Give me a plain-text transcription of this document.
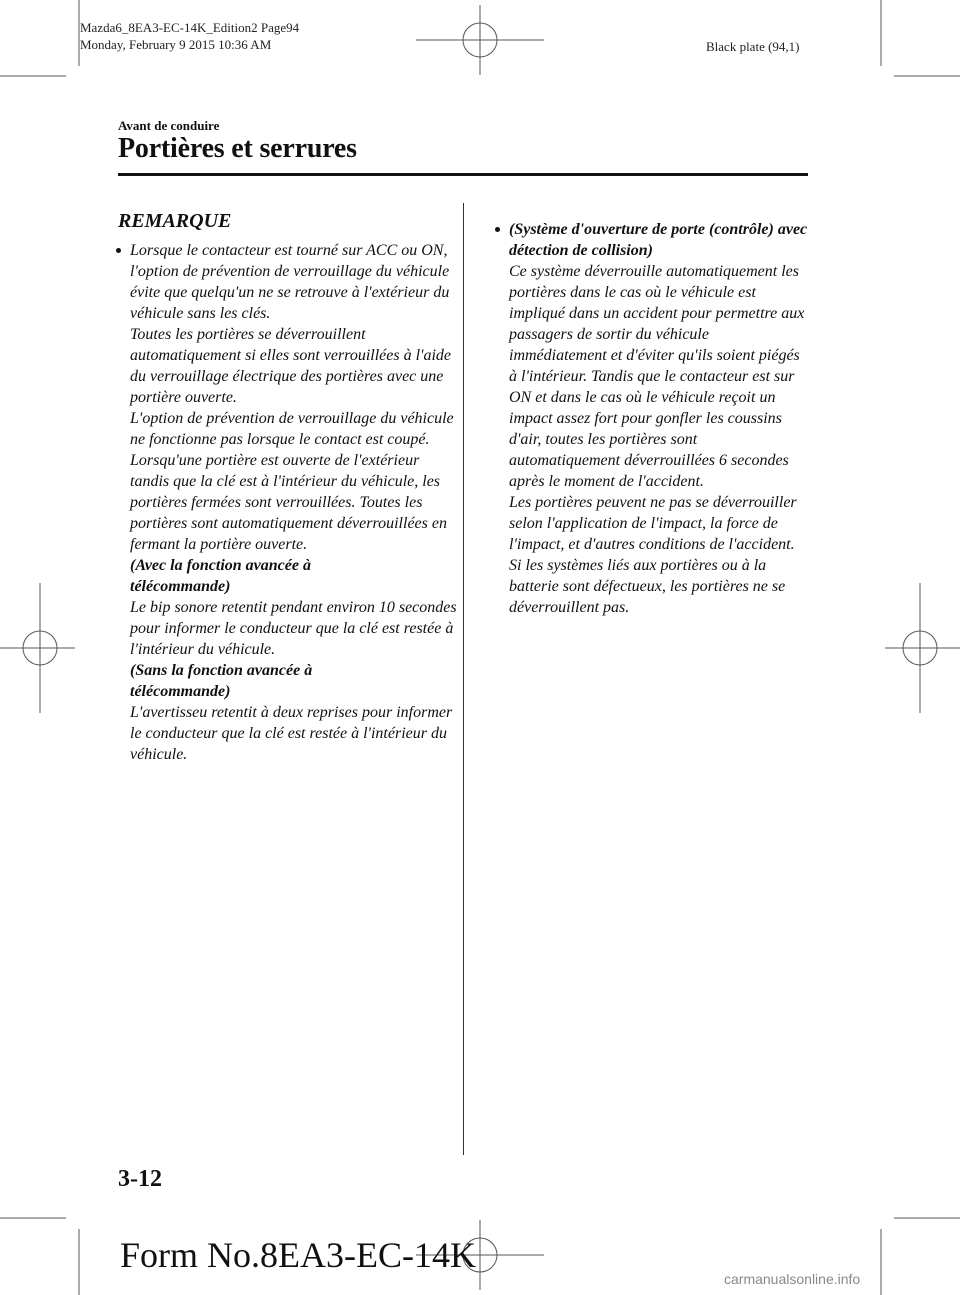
Mazda6_8EA3-EC-14K_Edition2 Page94
Monday, February 9 2015 10:36 AM	Black plate (94,1)
Avant de conduire
Portières et serrures
REMARQUE

Lorsque le contacteur est tourné sur ACC ou ON, l'option de prévention de verrouillage du véhicule évite que quelqu'un ne se retrouve à l'extérieur du véhicule sans les clés.

Toutes les portières se déverrouillent automatiquement si elles sont verrouillées à l'aide du verrouillage électrique des portières avec une portière ouverte.

L'option de prévention de verrouillage du véhicule ne fonctionne pas lorsque le contact est coupé.

Lorsqu'une portière est ouverte de l'extérieur tandis que la clé est à l'intérieur du véhicule, les portières fermées sont verrouillées. Toutes les portières sont automatiquement déverrouillées en fermant la portière ouverte.

(Avec la fonction avancée à télécommande)

Le bip sonore retentit pendant environ 10 secondes pour informer le conducteur que la clé est restée à l'intérieur du véhicule.

(Sans la fonction avancée à télécommande)

L'avertisseu retentit à deux reprises pour informer le conducteur que la clé est restée à l'intérieur du véhicule.

(Système d'ouverture de porte (contrôle) avec détection de collision)

Ce système déverrouille automatiquement les portières dans le cas où le véhicule est impliqué dans un accident pour permettre aux passagers de sortir du véhicule immédiatement et d'éviter qu'ils soient piégés à l'intérieur. Tandis que le contacteur est sur ON et dans le cas où le véhicule reçoit un impact assez fort pour gonfler les coussins d'air, toutes les portières sont automatiquement déverrouillées 6 secondes après le moment de l'accident.

Les portières peuvent ne pas se déverrouiller selon l'application de l'impact, la force de l'impact, et d'autres conditions de l'accident.

Si les systèmes liés aux portières ou à la batterie sont défectueux, les portières ne se déverrouillent pas.

3-12
Form No.8EA3-EC-14K
carmanualsonline.info
